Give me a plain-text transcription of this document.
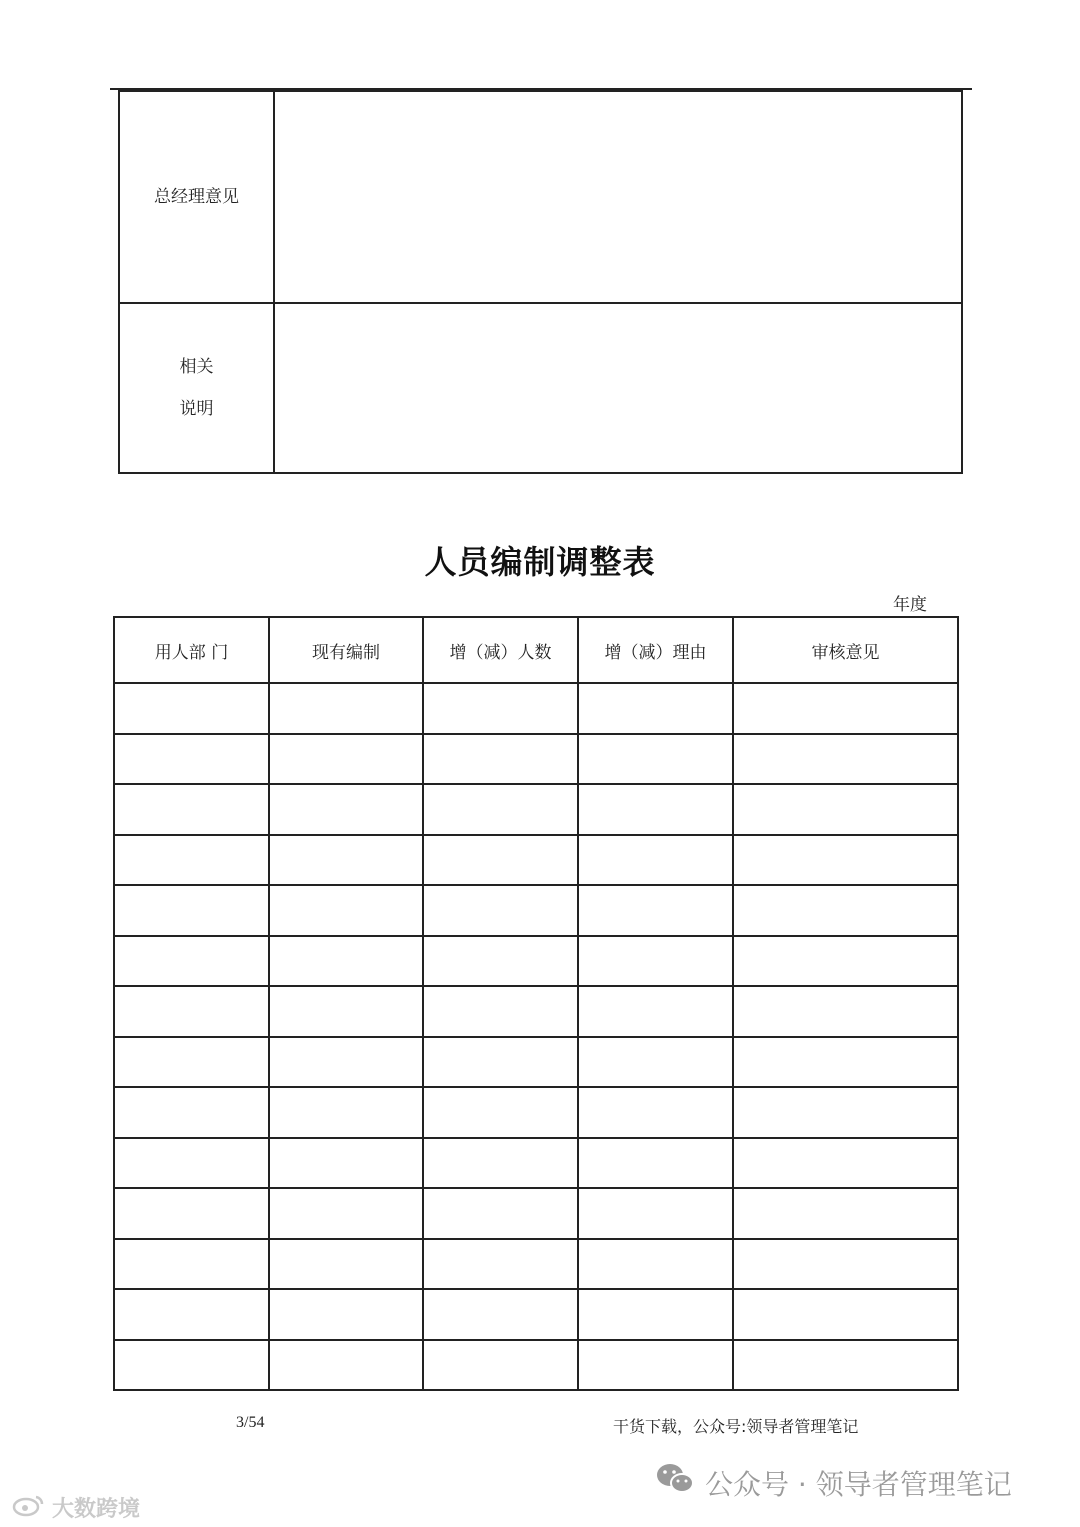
总经理意见	

相关
说明	

人员编制调整表
年度
用人部 门	现有编制	增（减）人数	增（减）理由	审核意见

3/54	干货下载，公众号:领导者管理笔记
大数跨境
公众号 · 领导者管理笔记
